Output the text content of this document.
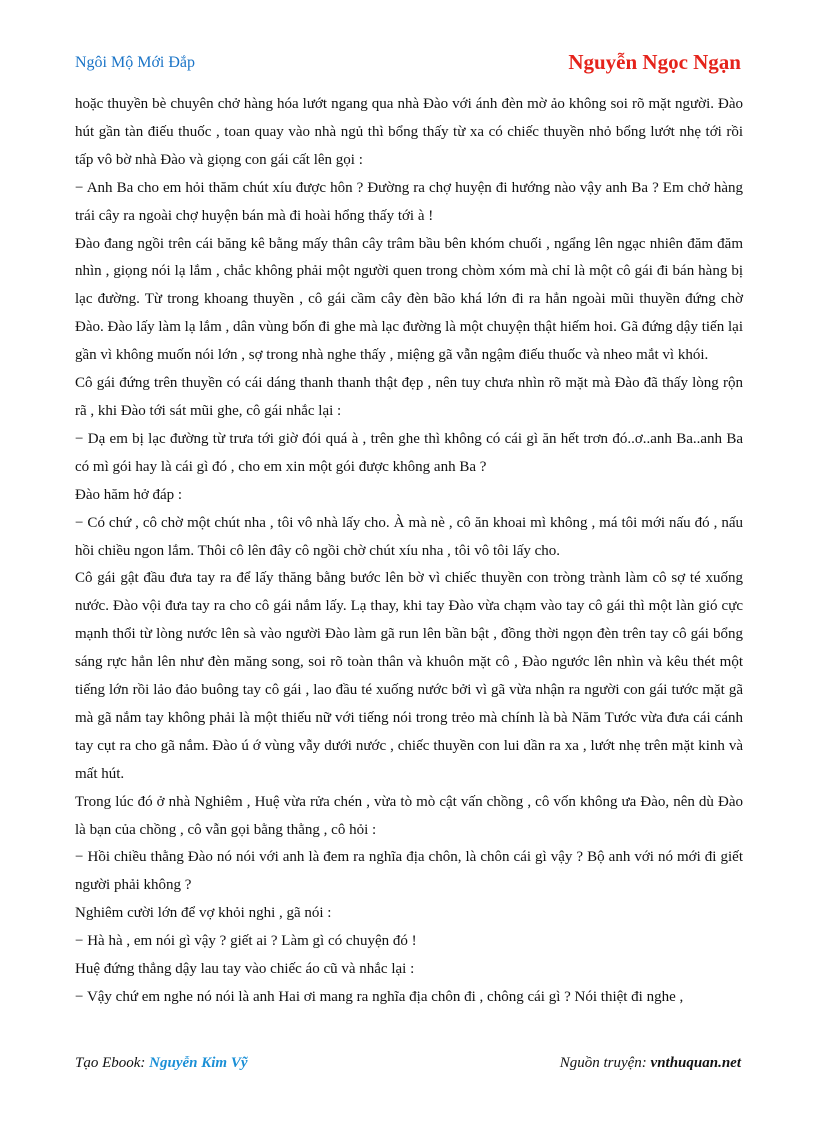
Ngôi Mộ Mới Đắp	Nguyễn Ngọc Ngạn

hoặc thuyền bè chuyên chở hàng hóa lướt ngang qua nhà Đào với ánh đèn mờ ảo không soi rõ mặt người. Đào hút gần tàn điếu thuốc , toan quay vào nhà ngủ thì bổng thấy từ xa có chiếc thuyền nhỏ bổng lướt nhẹ tới rồi tấp vô bờ nhà Đào và giọng con gái cất lên gọi :

− Anh Ba cho em hỏi thăm chút xíu được hôn ? Đường ra chợ huyện đi hướng nào vậy anh Ba ? Em chở hàng trái cây ra ngoài chợ huyện bán mà đi hoài hổng thấy tới à !

Đào đang ngồi trên cái băng kê bằng mấy thân cây trâm bầu bên khóm chuối , ngẩng lên ngạc nhiên đăm đăm nhìn , giọng nói lạ lắm , chắc không phải một người quen trong chòm xóm mà chỉ là một cô gái đi bán hàng bị lạc đường. Từ trong khoang thuyền , cô gái cầm cây đèn bão khá lớn đi ra hẳn ngoài mũi thuyền đứng chờ Đào. Đào lấy làm lạ lắm , dân vùng bốn đi ghe mà lạc đường là một chuyện thật hiếm hoi. Gã đứng dậy tiến lại gần vì không muốn nói lớn , sợ trong nhà nghe thấy , miệng gã vẫn ngậm điếu thuốc và nheo mắt vì khói.

Cô gái đứng trên thuyền có cái dáng thanh thanh thật đẹp , nên tuy chưa nhìn rõ mặt mà Đào đã thấy lòng rộn rã , khi Đào tới sát mũi ghe, cô gái nhắc lại :

− Dạ em bị lạc đường từ trưa tới giờ đói quá à , trên ghe thì không có cái gì ăn hết trơn đó..ơ..anh Ba..anh Ba có mì gói hay là cái gì đó , cho em xin một gói được không anh Ba ?

Đào hăm hở đáp :

− Có chứ , cô chờ một chút nha , tôi vô nhà lấy cho. À mà nè , cô ăn khoai mì không , má tôi mới nấu đó , nấu hồi chiều ngon lắm. Thôi cô lên đây cô ngồi chờ chút xíu nha , tôi vô tôi lấy cho.

Cô gái gật đầu đưa tay ra để lấy thăng bằng bước lên bờ vì chiếc thuyền con tròng trành làm cô sợ té xuống nước. Đào vội đưa tay ra cho cô gái nắm lấy. Lạ thay, khi tay Đào vừa chạm vào tay cô gái thì một làn gió cực mạnh thổi từ lòng nước lên sà vào người Đào làm gã run lên bần bật , đồng thời ngọn đèn trên tay cô gái bổng sáng rực hẳn lên như đèn măng song, soi rõ toàn thân và khuôn mặt cô , Đào ngước lên nhìn và kêu thét một tiếng lớn rồi lảo đảo buông tay cô gái , lao đầu té xuống nước bởi vì gã vừa nhận ra người con gái tước mặt gã mà gã nắm tay không phải là một thiếu nữ với tiếng nói trong trẻo mà chính là bà Năm Tước vừa đưa cái cánh tay cụt ra cho gã nắm. Đào ú ớ vùng vẫy dưới nước , chiếc thuyền con lui dần ra xa , lướt nhẹ trên mặt kinh và mất hút.

Trong lúc đó ở nhà Nghiêm , Huệ vừa rửa chén , vừa tò mò cật vấn chồng , cô vốn không ưa Đào, nên dù Đào là bạn của chồng , cô vẫn gọi bằng thằng , cô hỏi :

− Hồi chiều thằng Đào nó nói với anh là đem ra nghĩa địa chôn, là chôn cái gì vậy ? Bộ anh với nó mới đi giết người phải không ?

Nghiêm cười lớn để vợ khỏi nghi , gã nói :

− Hà hà , em nói gì vậy ? giết ai ? Làm gì có chuyện đó !

Huệ đứng thẳng dậy lau tay vào chiếc áo cũ và nhắc lại :

− Vậy chứ em nghe nó nói là anh Hai ơi mang ra nghĩa địa chôn đi , chông cái gì ? Nói thiệt đi nghe ,

Tạo Ebook: Nguyễn Kim Vỹ	Nguồn truyện: vnthuquan.net
